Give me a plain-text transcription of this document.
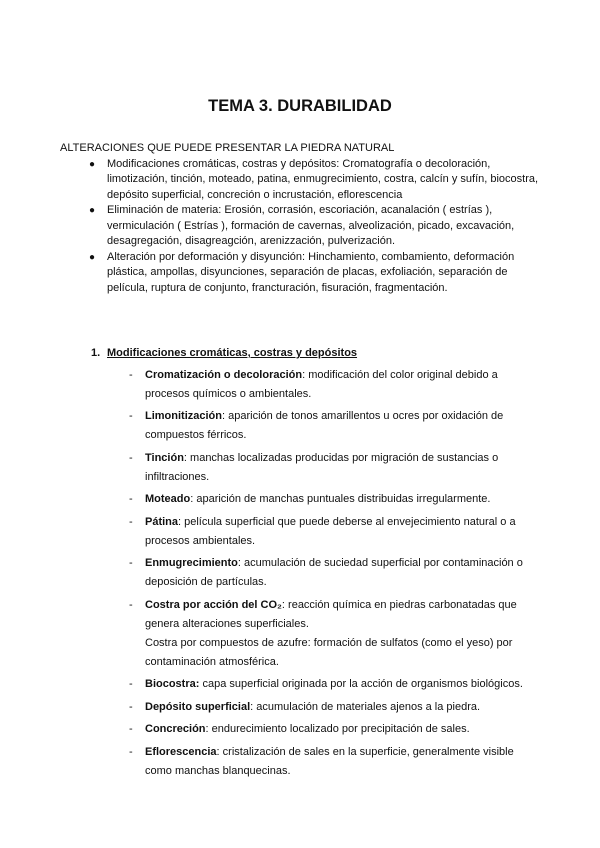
TEMA 3. DURABILIDAD

ALTERACIONES QUE PUEDE PRESENTAR LA PIEDRA NATURAL

● Modificaciones cromáticas, costras y depósitos: Cromatografía o decoloración, limotización, tinción, moteado, patina, enmugrecimiento, costra, calcín y sufín, biocostra, depósito superficial, concreción o incrustación, eflorescencia
● Eliminación de materia: Erosión, corrasión, escoriación, acanalación ( estrías ), vermiculación ( Estrías ), formación de cavernas, alveolización, picado, excavación, desagregación, disagreagción, arenizzación, pulverización.
● Alteración por deformación y disyunción: Hinchamiento, combamiento, deformación plástica, ampollas, disyunciones, separación de placas, exfoliación, separación de película, ruptura de conjunto, francturación, fisuración, fragmentación.

1. Modificaciones cromáticas, costras y depósitos

- Cromatización o decoloración: modificación del color original debido a procesos químicos o ambientales.
- Limonitización: aparición de tonos amarillentos u ocres por oxidación de compuestos férricos.
- Tinción: manchas localizadas producidas por migración de sustancias o infiltraciones.
- Moteado: aparición de manchas puntuales distribuidas irregularmente.
- Pátina: película superficial que puede deberse al envejecimiento natural o a procesos ambientales.
- Enmugrecimiento: acumulación de suciedad superficial por contaminación o deposición de partículas.
- Costra por acción del CO₂: reacción química en piedras carbonatadas que genera alteraciones superficiales.
Costra por compuestos de azufre: formación de sulfatos (como el yeso) por contaminación atmosférica.
- Biocostra: capa superficial originada por la acción de organismos biológicos.
- Depósito superficial: acumulación de materiales ajenos a la piedra.
- Concreción: endurecimiento localizado por precipitación de sales.
- Eflorescencia: cristalización de sales en la superficie, generalmente visible como manchas blanquecinas.
